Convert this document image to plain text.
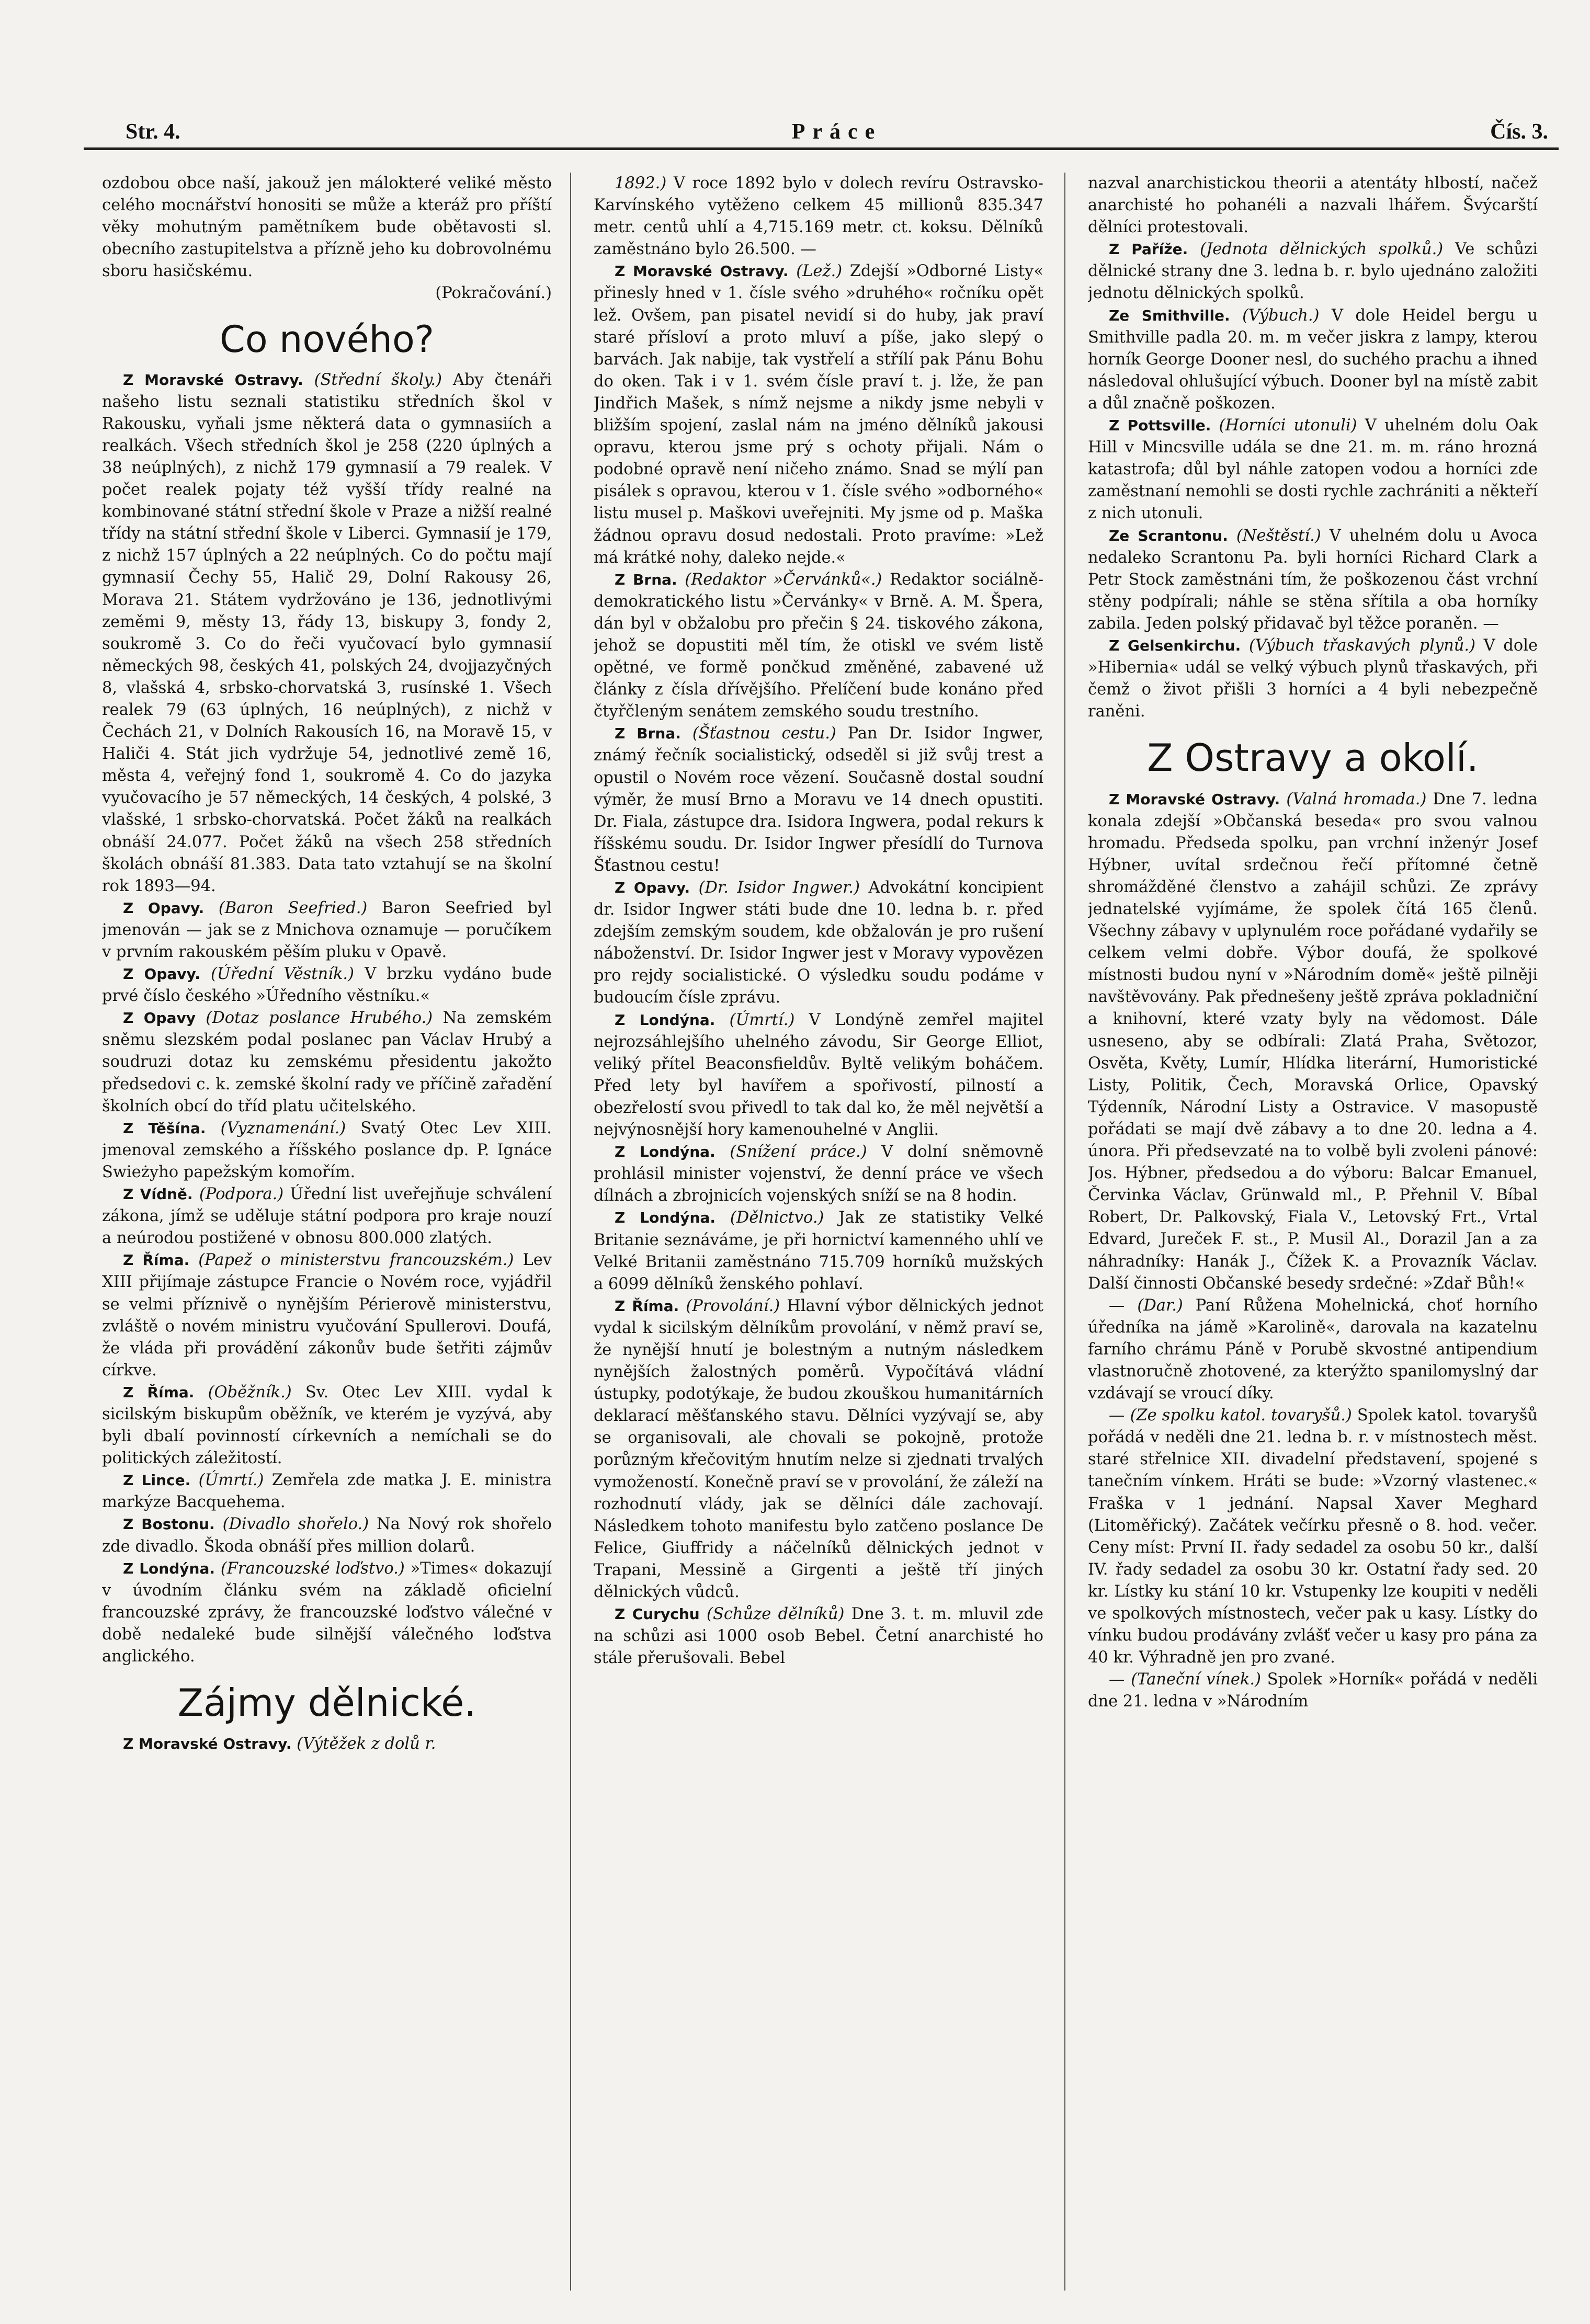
Str. 4.	Práce	Čís. 3.

ozdobou obce naší, jakouž jen málokteré veliké město celého mocnářství honositi se může a kteráž pro příští věky mohutným pamětníkem bude obětavosti sl. obecního zastupitelstva a přízně jeho ku dobrovolnému sboru hasičskému.

(Pokračování.)

Co nového?

Z Moravské Ostravy. (Střední školy.) Aby čtenáři našeho listu seznali statistiku středních škol v Rakousku, vyňali jsme některá data o gymnasiích a realkách. Všech středních škol je 258 (220 úplných a 38 neúplných), z nichž 179 gymnasií a 79 realek. V počet realek pojaty též vyšší třídy realné na kombinované státní střední škole v Praze a nižší realné třídy na státní střední škole v Liberci. Gymnasií je 179, z nichž 157 úplných a 22 neúplných. Co do počtu mají gymnasií Čechy 55, Halič 29, Dolní Rakousy 26, Morava 21. Státem vydržováno je 136, jednotlivými zeměmi 9, městy 13, řády 13, biskupy 3, fondy 2, soukromě 3. Co do řeči vyučovací bylo gymnasií německých 98, českých 41, polských 24, dvojjazyčných 8, vlašská 4, srbsko-chorvatská 3, rusínské 1. Všech realek 79 (63 úplných, 16 neúplných), z nichž v Čechách 21, v Dolních Rakousích 16, na Moravě 15, v Haliči 4. Stát jich vydržuje 54, jednotlivé země 16, města 4, veřejný fond 1, soukromě 4. Co do jazyka vyučovacího je 57 německých, 14 českých, 4 polské, 3 vlašské, 1 srbsko-chorvatská. Počet žáků na realkách obnáší 24.077. Počet žáků na všech 258 středních školách obnáší 81.383. Data tato vztahují se na školní rok 1893—94.

Z Opavy. (Baron Seefried.) Baron Seefried byl jmenován — jak se z Mnichova oznamuje — poručíkem v prvním rakouském pěším pluku v Opavě.

Z Opavy. (Úřední Věstník.) V brzku vydáno bude prvé číslo českého »Úředního věstníku.«

Z Opavy (Dotaz poslance Hrubého.) Na zemském sněmu slezském podal poslanec pan Václav Hrubý a soudruzi dotaz ku zemskému přesidentu jakožto předsedovi c. k. zemské školní rady ve příčině zařadění školních obcí do tříd platu učitelského.

Z Těšína. (Vyznamenání.) Svatý Otec Lev XIII. jmenoval zemského a říšského poslance dp. P. Ignáce Swieżyho papežským komořím.

Z Vídně. (Podpora.) Úřední list uveřejňuje schválení zákona, jímž se uděluje státní podpora pro kraje nouzí a neúrodou postižené v obnosu 800.000 zlatých.

Z Říma. (Papež o ministerstvu francouzském.) Lev XIII přijímaje zástupce Francie o Novém roce, vyjádřil se velmi příznivě o nynějším Périerově ministerstvu, zvláště o novém ministru vyučování Spullerovi. Doufá, že vláda při provádění zákonův bude šetřiti zájmův církve.

Z Říma. (Oběžník.) Sv. Otec Lev XIII. vydal k sicilským biskupům oběžník, ve kterém je vyzývá, aby byli dbalí povinností církevních a nemíchali se do politických záležitostí.

Z Lince. (Úmrtí.) Zemřela zde matka J. E. ministra markýze Bacquehema.

Z Bostonu. (Divadlo shořelo.) Na Nový rok shořelo zde divadlo. Škoda obnáší přes million dolarů.

Z Londýna. (Francouzské loďstvo.) »Times« dokazují v úvodním článku svém na základě oficielní francouzské zprávy, že francouzské loďstvo válečné v době nedaleké bude silnější válečného loďstva anglického.

Zájmy dělnické.

Z Moravské Ostravy. (Výtěžek z dolů r.

1892.) V roce 1892 bylo v dolech revíru Ostravsko-Karvínského vytěženo celkem 45 millionů 835.347 metr. centů uhlí a 4,715.169 metr. ct. koksu. Dělníků zaměstnáno bylo 26.500. —

Z Moravské Ostravy. (Lež.) Zdejší »Odborné Listy« přinesly hned v 1. čísle svého »druhého« ročníku opět lež. Ovšem, pan pisatel nevidí si do huby, jak praví staré přísloví a proto mluví a píše, jako slepý o barvách. Jak nabije, tak vystřelí a střílí pak Pánu Bohu do oken. Tak i v 1. svém čísle praví t. j. lže, že pan Jindřich Mašek, s nímž nejsme a nikdy jsme nebyli v bližším spojení, zaslal nám na jméno dělníků jakousi opravu, kterou jsme prý s ochoty přijali. Nám o podobné opravě není ničeho známo. Snad se mýlí pan pisálek s opravou, kterou v 1. čísle svého »odborného« listu musel p. Maškovi uveřejniti. My jsme od p. Maška žádnou opravu dosud nedostali. Proto pravíme: »Lež má krátké nohy, daleko nejde.«

Z Brna. (Redaktor »Červánků«.) Redaktor sociálně-demokratického listu »Červánky« v Brně. A. M. Špera, dán byl v obžalobu pro přečin § 24. tiskového zákona, jehož se dopustiti měl tím, že otiskl ve svém listě opětné, ve formě pončkud změněné, zabavené už články z čísla dřívějšího. Přelíčení bude konáno před čtyřčleným senátem zemského soudu trestního.

Z Brna. (Šťastnou cestu.) Pan Dr. Isidor Ingwer, známý řečník socialistický, odseděl si již svůj trest a opustil o Novém roce vězení. Současně dostal soudní výměr, že musí Brno a Moravu ve 14 dnech opustiti. Dr. Fiala, zástupce dra. Isidora Ingwera, podal rekurs k říšskému soudu. Dr. Isidor Ingwer přesídlí do Turnova Šťastnou cestu!

Z Opavy. (Dr. Isidor Ingwer.) Advokátní koncipient dr. Isidor Ingwer státi bude dne 10. ledna b. r. před zdejším zemským soudem, kde obžalován je pro rušení náboženství. Dr. Isidor Ingwer jest v Moravy vypovězen pro rejdy socialistické. O výsledku soudu podáme v budoucím čísle zprávu.

Z Londýna. (Úmrtí.) V Londýně zemřel majitel nejrozsáhlejšího uhelného závodu, Sir George Elliot, veliký přítel Beaconsfieldův. Byltě velikým boháčem. Před lety byl havířem a spořivostí, pilností a obezřelostí svou přivedl to tak dal ko, že měl největší a nejvýnosnější hory kamenouhelné v Anglii.

Z Londýna. (Snížení práce.) V dolní sněmovně prohlásil minister vojenství, že denní práce ve všech dílnách a zbrojnicích vojenských sníží se na 8 hodin.

Z Londýna. (Dělnictvo.) Jak ze statistiky Velké Britanie seznáváme, je při hornictví kamenného uhlí ve Velké Britanii zaměstnáno 715.709 horníků mužských a 6099 dělníků ženského pohlaví.

Z Říma. (Provolání.) Hlavní výbor dělnických jednot vydal k sicilským dělníkům provolání, v němž praví se, že nynější hnutí je bolestným a nutným následkem nynějších žalostných poměrů. Vypočítává vládní ústupky, podotýkaje, že budou zkouškou humanitárních deklarací měšťanského stavu. Dělníci vyzývají se, aby se organisovali, ale chovali se pokojně, protože porůzným křečovitým hnutím nelze si zjednati trvalých vymožeností. Konečně praví se v provolání, že záleží na rozhodnutí vlády, jak se dělníci dále zachovají. Následkem tohoto manifestu bylo zatčeno poslance De Felice, Giuffridy a náčelníků dělnických jednot v Trapani, Messině a Girgenti a ještě tří jiných dělnických vůdců.

Z Curychu (Schůze dělníků) Dne 3. t. m. mluvil zde na schůzi asi 1000 osob Bebel. Četní anarchisté ho stále přerušovali. Bebel

nazval anarchistickou theorii a atentáty hlbostí, načež anarchisté ho pohanéli a nazvali lhářem. Švýcarští dělníci protestovali.

Z Paříže. (Jednota dělnických spolků.) Ve schůzi dělnické strany dne 3. ledna b. r. bylo ujednáno založiti jednotu dělnických spolků.

Ze Smithville. (Výbuch.) V dole Heidel bergu u Smithville padla 20. m. m večer jiskra z lampy, kterou horník George Dooner nesl, do suchého prachu a ihned následoval ohlušující výbuch. Dooner byl na místě zabit a důl značně poškozen.

Z Pottsville. (Horníci utonuli) V uhelném dolu Oak Hill v Mincsville udála se dne 21. m. m. ráno hrozná katastrofa; důl byl náhle zatopen vodou a horníci zde zaměstnaní nemohli se dosti rychle zachrániti a někteří z nich utonuli.

Ze Scrantonu. (Neštěstí.) V uhelném dolu u Avoca nedaleko Scrantonu Pa. byli horníci Richard Clark a Petr Stock zaměstnáni tím, že poškozenou část vrchní stěny podpírali; náhle se stěna sřítila a oba horníky zabila. Jeden polský přidavač byl těžce poraněn. —

Z Gelsenkirchu. (Výbuch třaskavých plynů.) V dole »Hibernia« udál se velký výbuch plynů třaskavých, při čemž o život přišli 3 horníci a 4 byli nebezpečně raněni.

Z Ostravy a okolí.

Z Moravské Ostravy. (Valná hromada.) Dne 7. ledna konala zdejší »Občanská beseda« pro svou valnou hromadu. Předseda spolku, pan vrchní inženýr Josef Hýbner, uvítal srdečnou řečí přítomné četně shromážděné členstvo a zahájil schůzi. Ze zprávy jednatelské vyjímáme, že spolek čítá 165 členů. Všechny zábavy v uplynulém roce pořádané vydařily se celkem velmi dobře. Výbor doufá, že spolkové místnosti budou nyní v »Národním domě« ještě pilněji navštěvovány. Pak přednešeny ještě zpráva pokladniční a knihovní, které vzaty byly na vědomost. Dále usneseno, aby se odbírali: Zlatá Praha, Světozor, Osvěta, Květy, Lumír, Hlídka literární, Humoristické Listy, Politik, Čech, Moravská Orlice, Opavský Týdenník, Národní Listy a Ostravice. V masopustě pořádati se mají dvě zábavy a to dne 20. ledna a 4. února. Při předsevzaté na to volbě byli zvoleni pánové: Jos. Hýbner, předsedou a do výboru: Balcar Emanuel, Červinka Václav, Grünwald ml., P. Přehnil V. Bíbal Robert, Dr. Palkovský, Fiala V., Letovský Frt., Vrtal Edvard, Jureček F. st., P. Musil Al., Dorazil Jan a za náhradníky: Hanák J., Čížek K. a Provazník Václav. Další činnosti Občanské besedy srdečné: »Zdař Bůh!«

— (Dar.) Paní Růžena Mohelnická, choť horního úředníka na jámě »Karolině«, darovala na kazatelnu farního chrámu Páně v Porubě skvostné antipendium vlastnoručně zhotovené, za kterýžto spanilomyslný dar vzdávají se vroucí díky.

— (Ze spolku katol. tovaryšů.) Spolek katol. tovaryšů pořádá v neděli dne 21. ledna b. r. v místnostech měst. staré střelnice XII. divadelní představení, spojené s tanečním vínkem. Hráti se bude: »Vzorný vlastenec.« Fraška v 1 jednání. Napsal Xaver Meghard (Litoměřický). Začátek večírku přesně o 8. hod. večer. Ceny míst: První II. řady sedadel za osobu 50 kr., další IV. řady sedadel za osobu 30 kr. Ostatní řady sed. 20 kr. Lístky ku stání 10 kr. Vstupenky lze koupiti v neděli ve spolkových místnostech, večer pak u kasy. Lístky do vínku budou prodávány zvlášť večer u kasy pro pána za 40 kr. Výhradně jen pro zvané.

— (Taneční vínek.) Spolek »Horník« pořádá v neděli dne 21. ledna v »Národním
